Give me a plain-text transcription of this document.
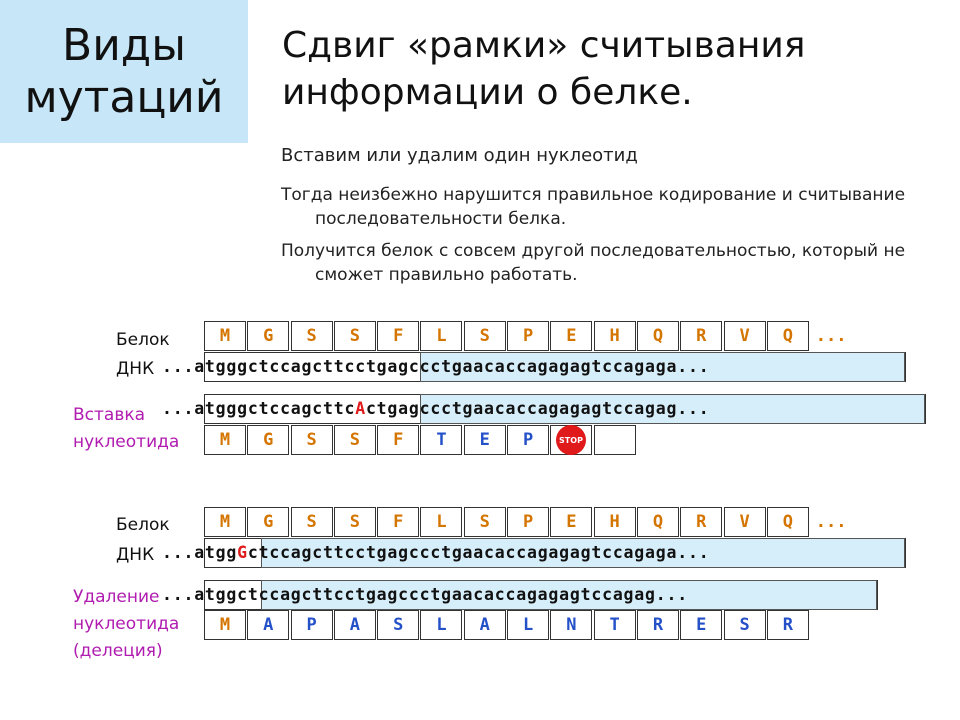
Виды
мутаций
Сдвиг «рамки» считывания
информации о белке.
Вставим или удалим один нуклеотид
Тогда неизбежно нарушится правильное кодирование и считывание последовательности белка.
Получится белок с совсем другой последовательностью, который не сможет правильно работать.
Белок
ДНК
M	G	S	S	F	L	S	P	E	H	Q	R	V	Q	...
...atgggctccagcttcctgagccctgaacaccagagagtccagaga...
Вставка
нуклеотида
...atgggctccagcttcActgagccctgaacaccagagagtccagag...
M	G	S	S	F	T	E	P	STOP
Белок
ДНК
M	G	S	S	F	L	S	P	E	H	Q	R	V	Q	...
...atggGctccagcttcctgagccctgaacaccagagagtccagaga...
Удаление
нуклеотида
(делеция)
...atggctccagcttcctgagccctgaacaccagagagtccagag...
M	A	P	A	S	L	A	L	N	T	R	E	S	R
